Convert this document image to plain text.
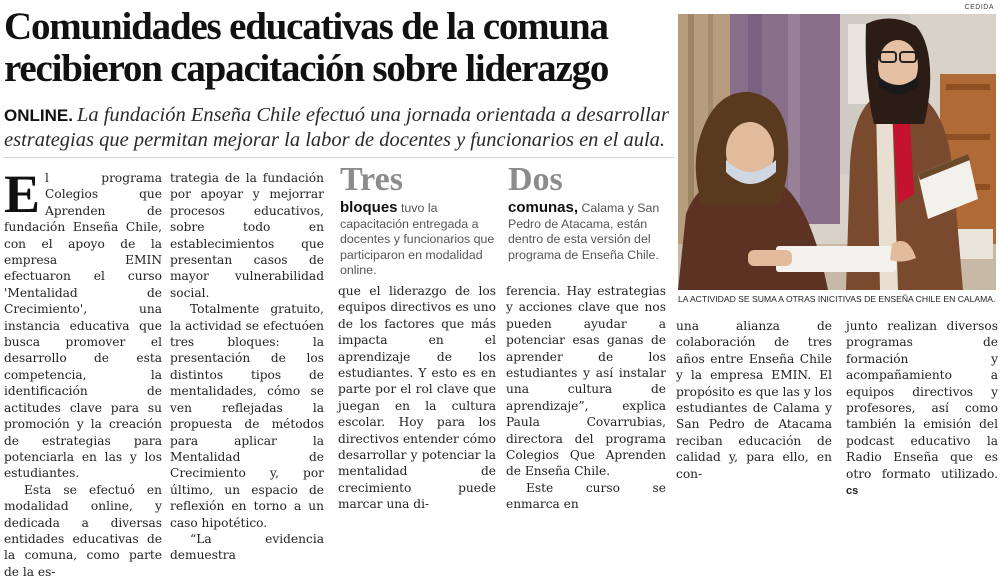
Comunidades educativas de la comuna
recibieron capacitación sobre liderazgo
ONLINE. La fundación Enseña Chile efectuó una jornada orientada a desarrollar estrategias que permitan mejorar la labor de docentes y funcionarios en el aula.

El programa Colegios que Aprenden de fundación Enseña Chile, con el apoyo de la empresa EMIN efectuaron el curso 'Mentalidad de Crecimiento', una instancia educativa que busca promover el desarrollo de esta competencia, la identificación de actitudes clave para su promoción y la creación de estrategias para potenciarla en las y los estudiantes.

Esta se efectuó en modalidad online, y dedicada a diversas entidades educativas de la comuna, como parte de la es-

trategia de la fundación por apoyar y mejorrar procesos educativos, sobre todo en establecimientos que presentan casos de mayor vulnerabilidad social.

Totalmente gratuito, la actividad se efectuóen tres bloques: la presentación de los distintos tipos de mentalidades, cómo se ven reflejadas la propuesta de métodos para aplicar la Mentalidad de Crecimiento y, por último, un espacio de reflexión en torno a un caso hipotético.

“La evidencia demuestra

Tres
bloques tuvo la capacitación entregada a docentes y funcionarios que participaron en modalidad online.
Dos
comunas, Calama y San Pedro de Atacama, están dentro de esta versión del programa de Enseña Chile.

que el liderazgo de los equipos directivos es uno de los factores que más impacta en el aprendizaje de los estudiantes. Y esto es en parte por el rol clave que juegan en la cultura escolar. Hoy para los directivos entender cómo desarrollar y potenciar la mentalidad de crecimiento puede marcar una di-

ferencia. Hay estrategias y acciones clave que nos pueden ayudar a potenciar esas ganas de aprender de los estudiantes y así instalar una cultura de aprendizaje”, explica Paula Covarrubias, directora del programa Colegios Que Aprenden de Enseña Chile.

Este curso se enmarca en

una alianza de colaboración de tres años entre Enseña Chile y la empresa EMIN. El propósito es que las y los estudiantes de Calama y San Pedro de Atacama reciban educación de calidad y, para ello, en con-

junto realizan diversos programas de formación y acompañamiento a equipos directivos y profesores, así como también la emisión del podcast educativo la Radio Enseña que es otro formato utilizado. cs

CEDIDA
LA ACTIVIDAD SE SUMA A OTRAS INICITIVAS DE ENSEÑA CHILE EN CALAMA.
